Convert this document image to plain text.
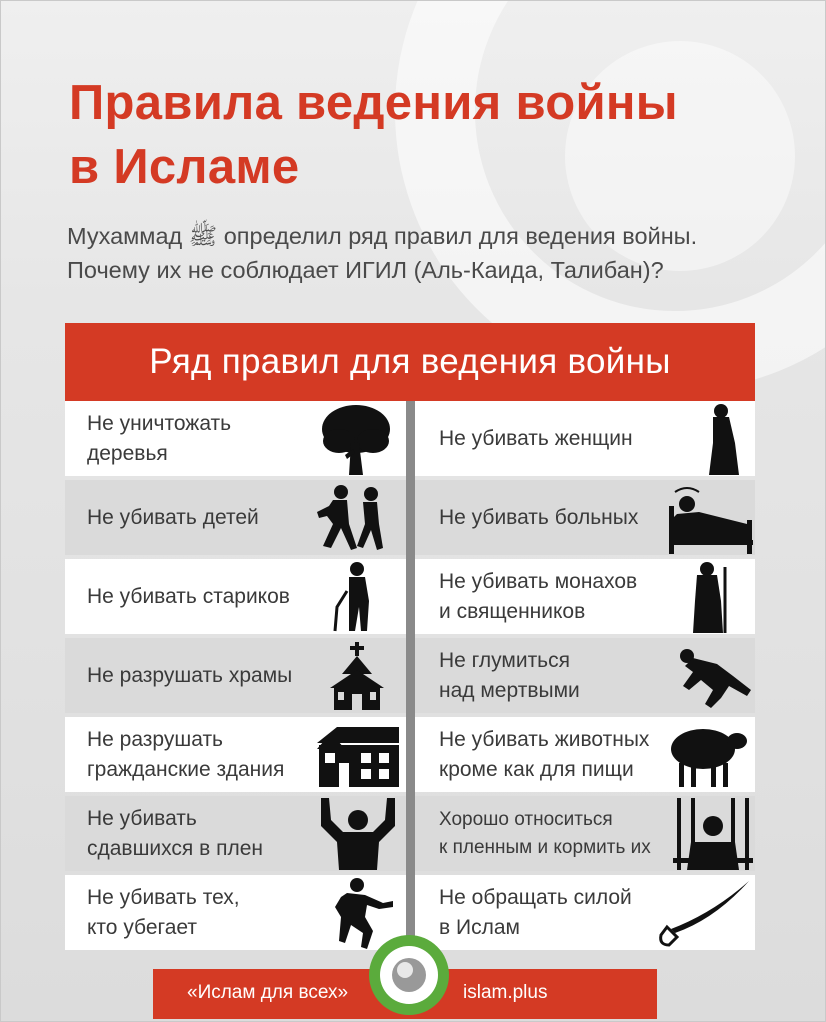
Правила ведения войны
в Исламе
Мухаммад ﷺ определил ряд правил для ведения войны.
Почему их не соблюдает ИГИЛ (Аль-Каида, Талибан)?
Ряд правил для ведения войны
Не уничтожать
деревья
Не убивать детей
Не убивать стариков
Не разрушать храмы
Не разрушать
гражданские здания
Не убивать
сдавшихся в плен
Не убивать тех,
кто убегает
Не убивать женщин
Не убивать больных
Не убивать монахов
и священников
Не глумиться
над мертвыми
Не убивать животных
кроме как для пищи
Хорошо относиться
к пленным и кормить их
Не обращать силой
в Ислам
«Ислам для всех»	islam.plus
